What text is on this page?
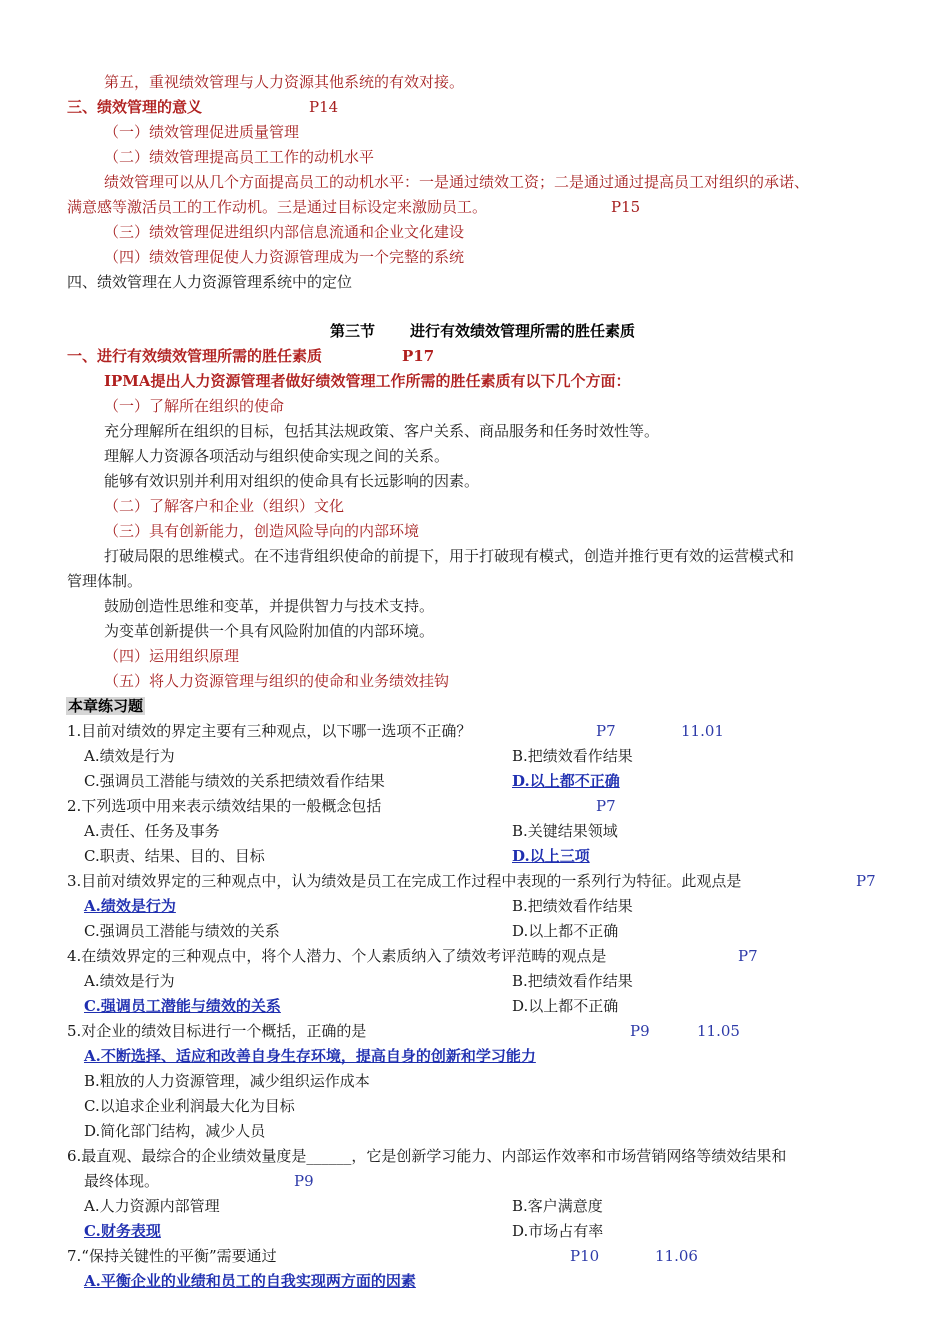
第五，重视绩效管理与人力资源其他系统的有效对接。
三、绩效管理的意义	P14
（一）绩效管理促进质量管理
（二）绩效管理提高员工工作的动机水平
绩效管理可以从几个方面提高员工的动机水平：一是通过绩效工资；二是通过通过提高员工对组织的承诺、
满意感等激活员工的工作动机。三是通过目标设定来激励员工。	P15
（三）绩效管理促进组织内部信息流通和企业文化建设
（四）绩效管理促使人力资源管理成为一个完整的系统
四、绩效管理在人力资源管理系统中的定位
第三节 进行有效绩效管理所需的胜任素质
一、进行有效绩效管理所需的胜任素质	P17
IPMA提出人力资源管理者做好绩效管理工作所需的胜任素质有以下几个方面：
（一）了解所在组织的使命
充分理解所在组织的目标，包括其法规政策、客户关系、商品服务和任务时效性等。
理解人力资源各项活动与组织使命实现之间的关系。
能够有效识别并利用对组织的使命具有长远影响的因素。
（二）了解客户和企业（组织）文化
（三）具有创新能力，创造风险导向的内部环境
打破局限的思维模式。在不违背组织使命的前提下，用于打破现有模式，创造并推行更有效的运营模式和
管理体制。
鼓励创造性思维和变革，并提供智力与技术支持。
为变革创新提供一个具有风险附加值的内部环境。
（四）运用组织原理
（五）将人力资源管理与组织的使命和业务绩效挂钩
本章练习题
1.目前对绩效的界定主要有三种观点，以下哪一选项不正确？	P7	11.01
A.绩效是行为	B.把绩效看作结果
C.强调员工潜能与绩效的关系把绩效看作结果	D.以上都不正确
2.下列选项中用来表示绩效结果的一般概念包括	P7
A.责任、任务及事务	B.关键结果领域
C.职责、结果、目的、目标	D.以上三项
3.目前对绩效界定的三种观点中，认为绩效是员工在完成工作过程中表现的一系列行为特征。此观点是	P7
A.绩效是行为	B.把绩效看作结果
C.强调员工潜能与绩效的关系	D.以上都不正确
4.在绩效界定的三种观点中，将个人潜力、个人素质纳入了绩效考评范畴的观点是	P7
A.绩效是行为	B.把绩效看作结果
C.强调员工潜能与绩效的关系	D.以上都不正确
5.对企业的绩效目标进行一个概括，正确的是	P9	11.05
A.不断选择、适应和改善自身生存环境，提高自身的创新和学习能力
B.粗放的人力资源管理，减少组织运作成本
C.以追求企业利润最大化为目标
D.简化部门结构，减少人员
6.最直观、最综合的企业绩效量度是______，它是创新学习能力、内部运作效率和市场营销网络等绩效结果和
最终体现。	P9
A.人力资源内部管理	B.客户满意度
C.财务表现	D.市场占有率
7.“保持关键性的平衡”需要通过	P10	11.06
A.平衡企业的业绩和员工的自我实现两方面的因素
